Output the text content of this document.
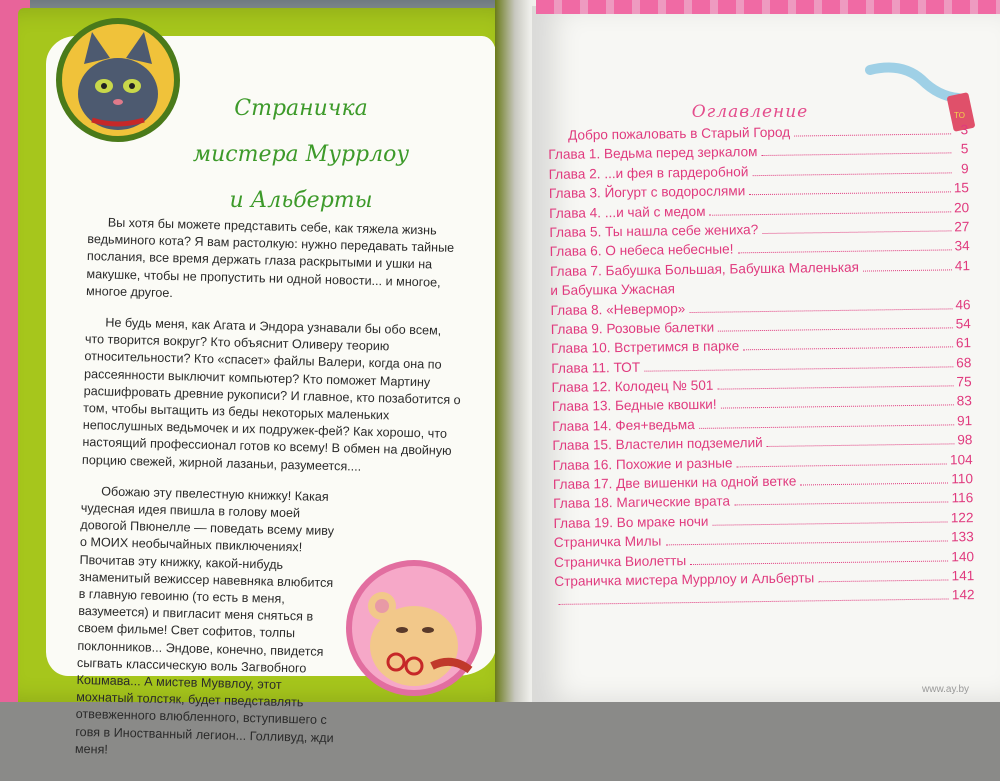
Страничка
мистера Муррлоу
и Альберты

Вы хотя бы можете представить себе, как тяжела жизнь ведьминого кота? Я вам растолкую: нужно передавать тайные послания, все время держать глаза раскрытыми и ушки на макушке, чтобы не пропустить ни одной новости... и многое, многое другое.

Не будь меня, как Агата и Эндора узнавали бы обо всем, что творится вокруг? Кто объяснит Оливеру теорию относительности? Кто «спасет» файлы Валери, когда она по рассеянности выключит компьютер? Кто поможет Мартину расшифровать древние рукописи? И главное, кто позаботится о том, чтобы вытащить из беды некоторых маленьких непослушных ведьмочек и их подружек-фей? Как хорошо, что настоящий профессионал готов ко всему! В обмен на двойную порцию свежей, жирной лазаньи, разумеется....

Обожаю эту пвелестную книжку! Какая чудесная идея пвишла в голову моей довогой Пвюнелле — поведать всему миву о МОИХ необычайных пвиключениях! Пвочитав эту книжку, какой-нибудь знаменитый вежиссер навевняка влюбится в главную гевоиню (то есть в меня, вазумеется) и пвигласит меня сняться в своем фильме! Свет софитов, толпы поклонников... Эндове, конечно, пвидется сыгвать классическую воль Загвобного Кошмава... А мистев Муввлоу, этот мохнатый толстяк, будет пведставлять отвевженного влюбленного, вступившего с говя в Иностванный легион... Голливуд, жди меня!

TO
Оглавление
Добро пожаловать в Старый Город	3
Глава 1. Ведьма перед зеркалом	5
Глава 2. ...и фея в гардеробной	9
Глава 3. Йогурт с водорослями	15
Глава 4. ...и чай с медом	20
Глава 5. Ты нашла себе жениха?	27
Глава 6. О небеса небесные!	34
Глава 7. Бабушка Большая, Бабушка Маленькая	41
и Бабушка Ужасная
Глава 8. «Невермор»	46
Глава 9. Розовые балетки	54
Глава 10. Встретимся в парке	61
Глава 11. ТОТ	68
Глава 12. Колодец № 501	75
Глава 13. Бедные квошки!	83
Глава 14. Фея+ведьма	91
Глава 15. Властелин подземелий	98
Глава 16. Похожие и разные	104
Глава 17. Две вишенки на одной ветке	110
Глава 18. Магические врата	116
Глава 19. Во мраке ночи	122
Страничка Милы	133
Страничка Виолетты	140
Страничка мистера Муррлоу и Альберты	141
142
www.ay.by
